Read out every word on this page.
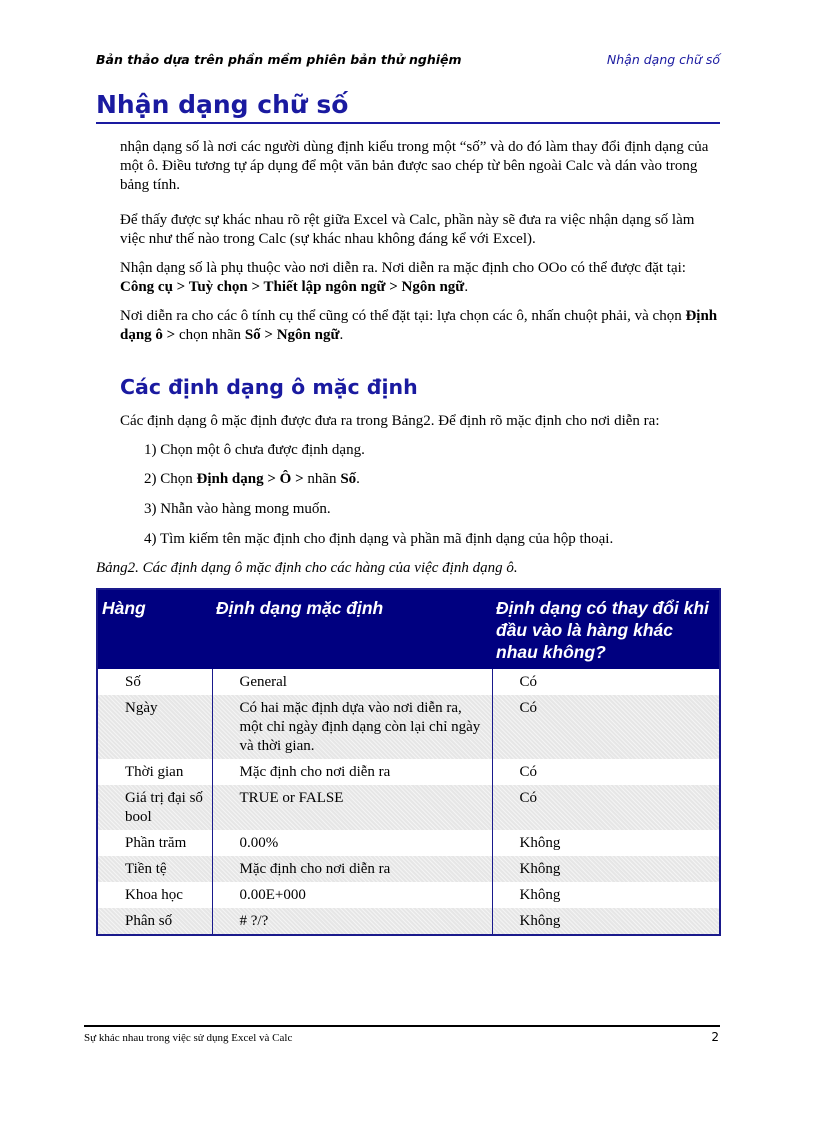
Bản thảo dựa trên phần mềm phiên bản thử nghiệm	Nhận dạng chữ số
Nhận dạng chữ số

nhận dạng số là nơi các người dùng định kiểu trong một “số” và do đó làm thay đổi định dạng của một ô. Điều tương tự áp dụng để một văn bản được sao chép từ bên ngoài Calc và dán vào trong bảng tính.

Để thấy được sự khác nhau rõ rệt giữa Excel và Calc, phần này sẽ đưa ra việc nhận dạng số làm việc như thế nào trong Calc (sự khác nhau không đáng kể với Excel).

Nhận dạng số là phụ thuộc vào nơi diễn ra. Nơi diễn ra mặc định cho OOo có thể được đặt tại: Công cụ > Tuỳ chọn > Thiết lập ngôn ngữ > Ngôn ngữ.

Nơi diễn ra cho các ô tính cụ thể cũng có thể đặt tại: lựa chọn các ô, nhấn chuột phải, và chọn Định dạng ô > chọn nhãn Số > Ngôn ngữ.

Các định dạng ô mặc định

Các định dạng ô mặc định được đưa ra trong Bảng2. Để định rõ mặc định cho nơi diễn ra:

1) Chọn một ô chưa được định dạng.
2) Chọn Định dạng > Ô > nhãn Số.
3) Nhẫn vào hàng mong muốn.
4) Tìm kiếm tên mặc định cho định dạng và phần mã định dạng của hộp thoại.
Bảng2. Các định dạng ô mặc định cho các hàng của việc định dạng ô.
Hàng	Định dạng mặc định	Định dạng có thay đổi khi đầu vào là hàng khác nhau không?
Số	General	Có
Ngày	Có hai mặc định dựa vào nơi diễn ra, một chỉ ngày định dạng còn lại chỉ ngày và thời gian.	Có
Thời gian	Mặc định cho nơi diễn ra	Có
Giá trị đại số bool	TRUE or FALSE	Có
Phần trăm	0.00%	Không
Tiền tệ	Mặc định cho nơi diễn ra	Không
Khoa học	0.00E+000	Không
Phân số	# ?/?	Không
Sự khác nhau trong việc sử dụng Excel và Calc	2
